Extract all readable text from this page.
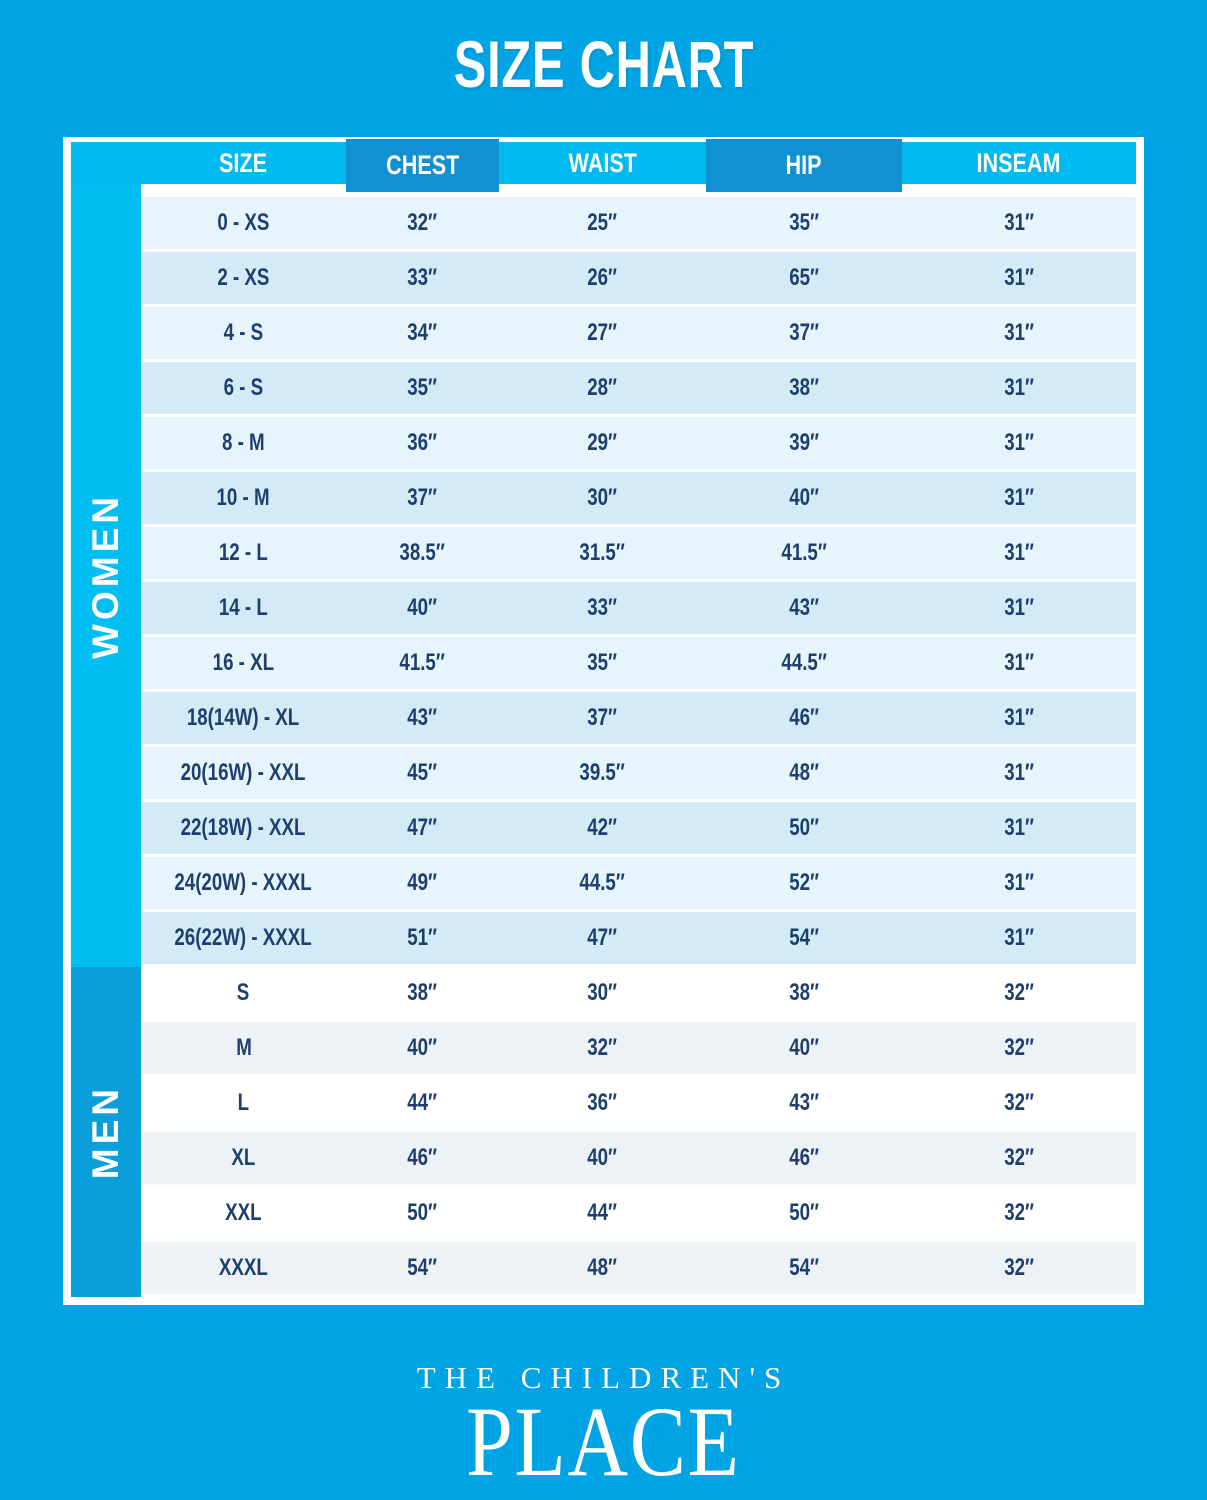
SIZE CHART
SIZE	CHEST	WAIST	HIP	INSEAM
WOMEN
0 - XS	32″	25″	35″	31″
2 - XS	33″	26″	65″	31″
4 - S	34″	27″	37″	31″
6 - S	35″	28″	38″	31″
8 - M	36″	29″	39″	31″
10 - M	37″	30″	40″	31″
12 - L	38.5″	31.5″	41.5″	31″
14 - L	40″	33″	43″	31″
16 - XL	41.5″	35″	44.5″	31″
18(14W) - XL	43″	37″	46″	31″
20(16W) - XXL	45″	39.5″	48″	31″
22(18W) - XXL	47″	42″	50″	31″
24(20W) - XXXL	49″	44.5″	52″	31″
26(22W) - XXXL	51″	47″	54″	31″
MEN
S	38″	30″	38″	32″
M	40″	32″	40″	32″
L	44″	36″	43″	32″
XL	46″	40″	46″	32″
XXL	50″	44″	50″	32″
XXXL	54″	48″	54″	32″
THE CHILDREN'S
PLACE
